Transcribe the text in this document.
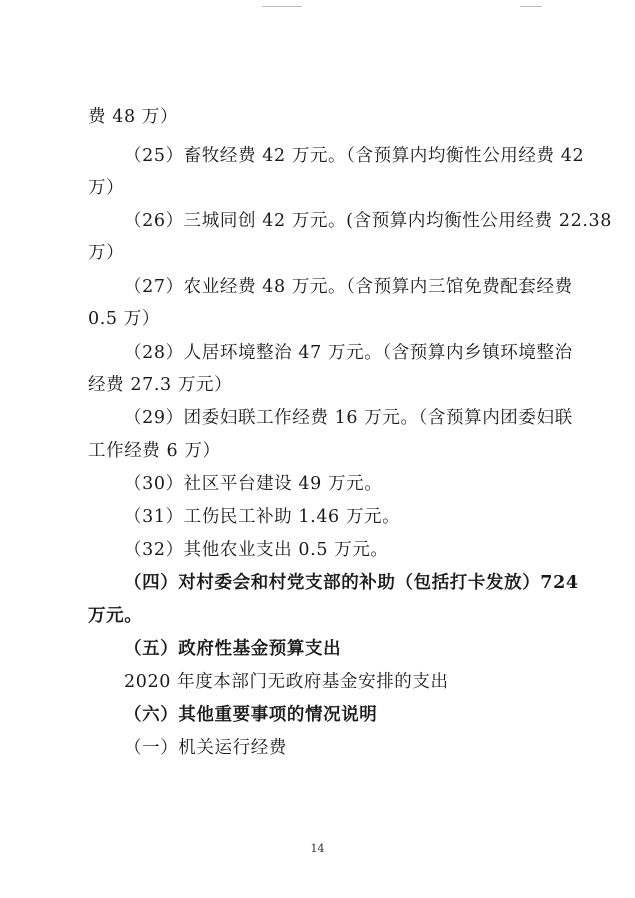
费 48 万）
（25）畜牧经费 42 万元。（含预算内均衡性公用经费 42
万）
（26）三城同创 42 万元。(含预算内均衡性公用经费 22.38
万）
（27）农业经费 48 万元。（含预算内三馆免费配套经费
0.5 万）
（28）人居环境整治 47 万元。（含预算内乡镇环境整治
经费 27.3 万元）
（29）团委妇联工作经费 16 万元。（含预算内团委妇联
工作经费 6 万）
（30）社区平台建设 49 万元。
（31）工伤民工补助 1.46 万元。
（32）其他农业支出 0.5 万元。
（四）对村委会和村党支部的补助（包括打卡发放）724
万元。
（五）政府性基金预算支出
2020 年度本部门无政府基金安排的支出
（六）其他重要事项的情况说明
（一）机关运行经费
14
